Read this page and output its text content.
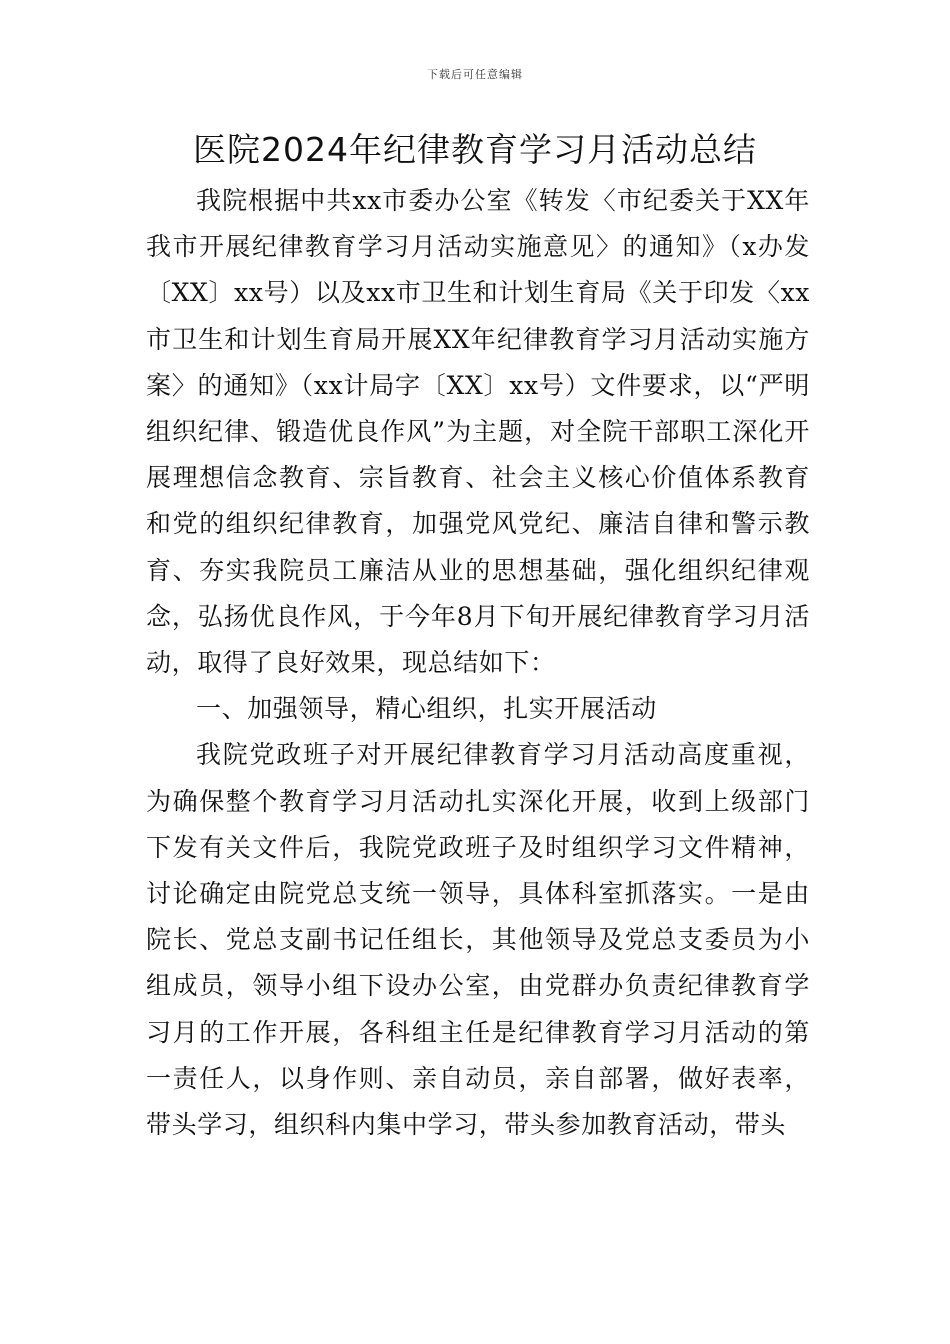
下载后可任意编辑
医院2024年纪律教育学习月活动总结

我院根据中共xx市委办公室《转发〈市纪委关于XX年我市开展纪律教育学习月活动实施意见〉的通知》（x办发〔XX〕xx号）以及xx市卫生和计划生育局《关于印发〈xx市卫生和计划生育局开展XX年纪律教育学习月活动实施方案〉的通知》（xx计局字〔XX〕xx号）文件要求，以“严明组织纪律、锻造优良作风”为主题，对全院干部职工深化开展理想信念教育、宗旨教育、社会主义核心价值体系教育和党的组织纪律教育，加强党风党纪、廉洁自律和警示教育、夯实我院员工廉洁从业的思想基础，强化组织纪律观念，弘扬优良作风，于今年8月下旬开展纪律教育学习月活动，取得了良好效果，现总结如下：

一、加强领导，精心组织，扎实开展活动

我院党政班子对开展纪律教育学习月活动高度重视，为确保整个教育学习月活动扎实深化开展，收到上级部门下发有关文件后，我院党政班子及时组织学习文件精神，讨论确定由院党总支统一领导，具体科室抓落实。一是由院长、党总支副书记任组长，其他领导及党总支委员为小组成员，领导小组下设办公室，由党群办负责纪律教育学习月的工作开展，各科组主任是纪律教育学习月活动的第一责任人，以身作则、亲自动员，亲自部署，做好表率，带头学习，组织科内集中学习，带头参加教育活动，带头
